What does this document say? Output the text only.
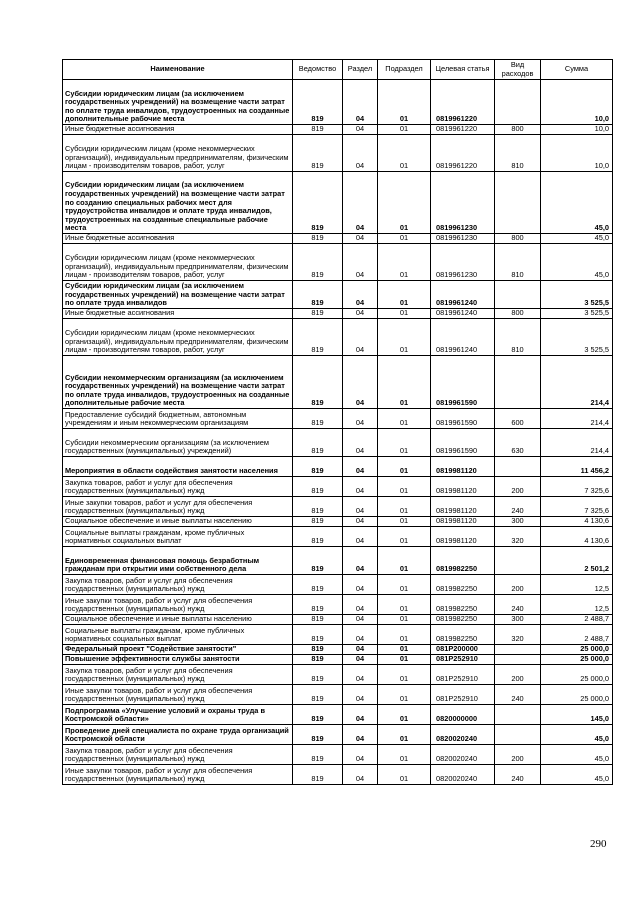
Наименование	Ведомство	Раздел	Подраздел	Целевая статья	Вид расходов	Сумма
Субсидии юридическим лицам (за исключением государственных учреждений) на возмещение части затрат по оплате труда инвалидов, трудоустроенных на созданные дополнительные рабочие места	819	04	01	0819961220		10,0
Иные бюджетные ассигнования	819	04	01	0819961220	800	10,0
Субсидии юридическим лицам (кроме некоммерческих организаций), индивидуальным предпринимателям, физическим лицам - производителям товаров, работ, услуг	819	04	01	0819961220	810	10,0
Субсидии юридическим лицам (за исключением государственных учреждений) на возмещение части затрат по созданию специальных рабочих мест для трудоустройства инвалидов и оплате труда инвалидов, трудоустроенных на созданные специальные рабочие места	819	04	01	0819961230		45,0
Иные бюджетные ассигнования	819	04	01	0819961230	800	45,0
Субсидии юридическим лицам (кроме некоммерческих организаций), индивидуальным предпринимателям, физическим лицам - производителям товаров, работ, услуг	819	04	01	0819961230	810	45,0
Субсидии юридическим лицам (за исключением государственных учреждений) на возмещение части затрат по оплате труда инвалидов	819	04	01	0819961240		3 525,5
Иные бюджетные ассигнования	819	04	01	0819961240	800	3 525,5
Субсидии юридическим лицам (кроме некоммерческих организаций), индивидуальным предпринимателям, физическим лицам - производителям товаров, работ, услуг	819	04	01	0819961240	810	3 525,5
Субсидии некоммерческим организациям (за исключением государственных учреждений) на возмещение части затрат по оплате труда инвалидов, трудоустроенных на созданные дополнительные рабочие места	819	04	01	0819961590		214,4
Предоставление субсидий бюджетным, автономным учреждениям и иным некоммерческим организациям	819	04	01	0819961590	600	214,4
Субсидии некоммерческим организациям (за исключением государственных (муниципальных) учреждений)	819	04	01	0819961590	630	214,4
Мероприятия в области содействия занятости населения	819	04	01	0819981120		11 456,2
Закупка товаров, работ и услуг для обеспечения государственных (муниципальных) нужд	819	04	01	0819981120	200	7 325,6
Иные закупки товаров, работ и услуг для обеспечения государственных (муниципальных) нужд	819	04	01	0819981120	240	7 325,6
Социальное обеспечение и иные выплаты населению	819	04	01	0819981120	300	4 130,6
Социальные выплаты гражданам, кроме публичных нормативных социальных выплат	819	04	01	0819981120	320	4 130,6
Единовременная финансовая помощь безработным гражданам при открытии ими собственного дела	819	04	01	0819982250		2 501,2
Закупка товаров, работ и услуг для обеспечения государственных (муниципальных) нужд	819	04	01	0819982250	200	12,5
Иные закупки товаров, работ и услуг для обеспечения государственных (муниципальных) нужд	819	04	01	0819982250	240	12,5
Социальное обеспечение и иные выплаты населению	819	04	01	0819982250	300	2 488,7
Социальные выплаты гражданам, кроме публичных нормативных социальных выплат	819	04	01	0819982250	320	2 488,7
Федеральный проект "Содействие занятости"	819	04	01	081P200000		25 000,0
Повышение эффективности службы занятости	819	04	01	081P252910		25 000,0
Закупка товаров, работ и услуг для обеспечения государственных (муниципальных) нужд	819	04	01	081P252910	200	25 000,0
Иные закупки товаров, работ и услуг для обеспечения государственных (муниципальных) нужд	819	04	01	081P252910	240	25 000,0
Подпрограмма «Улучшение условий и охраны труда в Костромской области»	819	04	01	0820000000		145,0
Проведение дней специалиста по охране труда организаций Костромской области	819	04	01	0820020240		45,0
Закупка товаров, работ и услуг для обеспечения государственных (муниципальных) нужд	819	04	01	0820020240	200	45,0
Иные закупки товаров, работ и услуг для обеспечения государственных (муниципальных) нужд	819	04	01	0820020240	240	45,0
290
